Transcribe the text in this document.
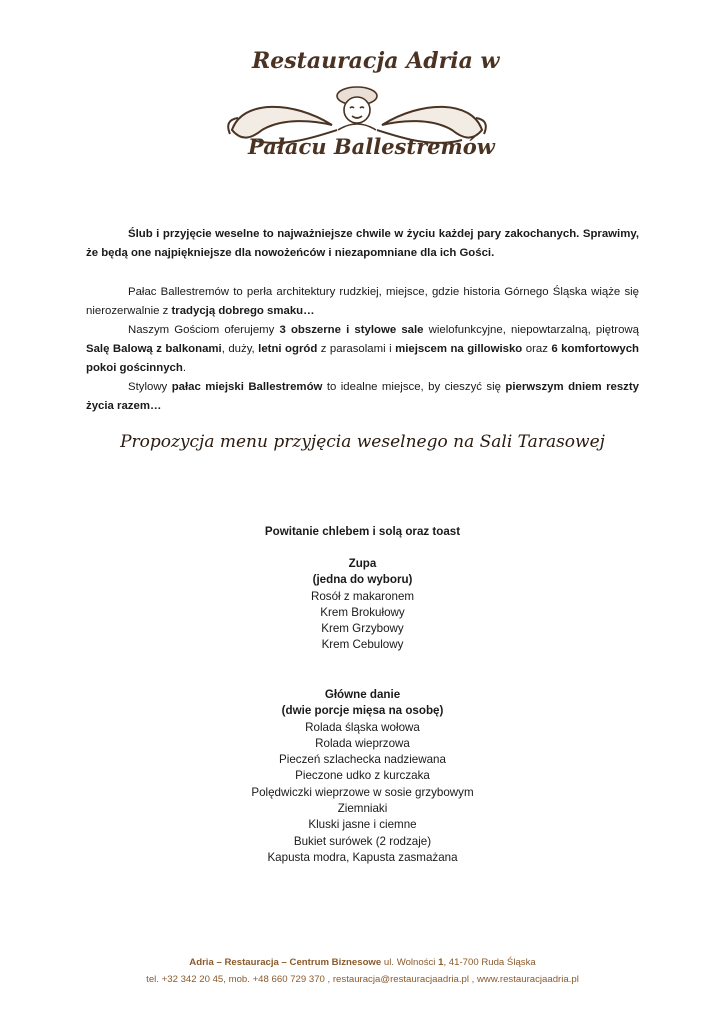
Restauracja Adria w
Pałacu Ballestremów

Ślub i przyjęcie weselne to najważniejsze chwile w życiu każdej pary zakochanych. Sprawimy, że będą one najpiękniejsze dla nowożeńców i niezapomniane dla ich Gości.

Pałac Ballestremów to perła architektury rudzkiej, miejsce, gdzie historia Górnego Śląska wiąże się nierozerwalnie z tradycją dobrego smaku…

Naszym Gościom oferujemy 3 obszerne i stylowe sale wielofunkcyjne, niepowtarzalną, piętrową Salę Balową z balkonami, duży, letni ogród z parasolami i miejscem na gillowisko oraz 6 komfortowych pokoi gościnnych.

Stylowy pałac miejski Ballestremów to idealne miejsce, by cieszyć się pierwszym dniem reszty życia razem…

Propozycja menu przyjęcia weselnego na Sali Tarasowej
Powitanie chlebem i solą oraz toast
Zupa
(jedna do wyboru)
Rosół z makaronem
Krem Brokułowy
Krem Grzybowy
Krem Cebulowy
Główne danie
(dwie porcje mięsa na osobę)
Rolada śląska wołowa
Rolada wieprzowa
Pieczeń szlachecka nadziewana
Pieczone udko z kurczaka
Polędwiczki wieprzowe w sosie grzybowym
Ziemniaki
Kluski jasne i ciemne
Bukiet surówek (2 rodzaje)
Kapusta modra, Kapusta zasmażana
Adria – Restauracja – Centrum Biznesowe ul. Wolności 1, 41-700 Ruda Śląska
tel. +32 342 20 45, mob. +48 660 729 370 , restauracja@restauracjaadria.pl , www.restauracjaadria.pl
